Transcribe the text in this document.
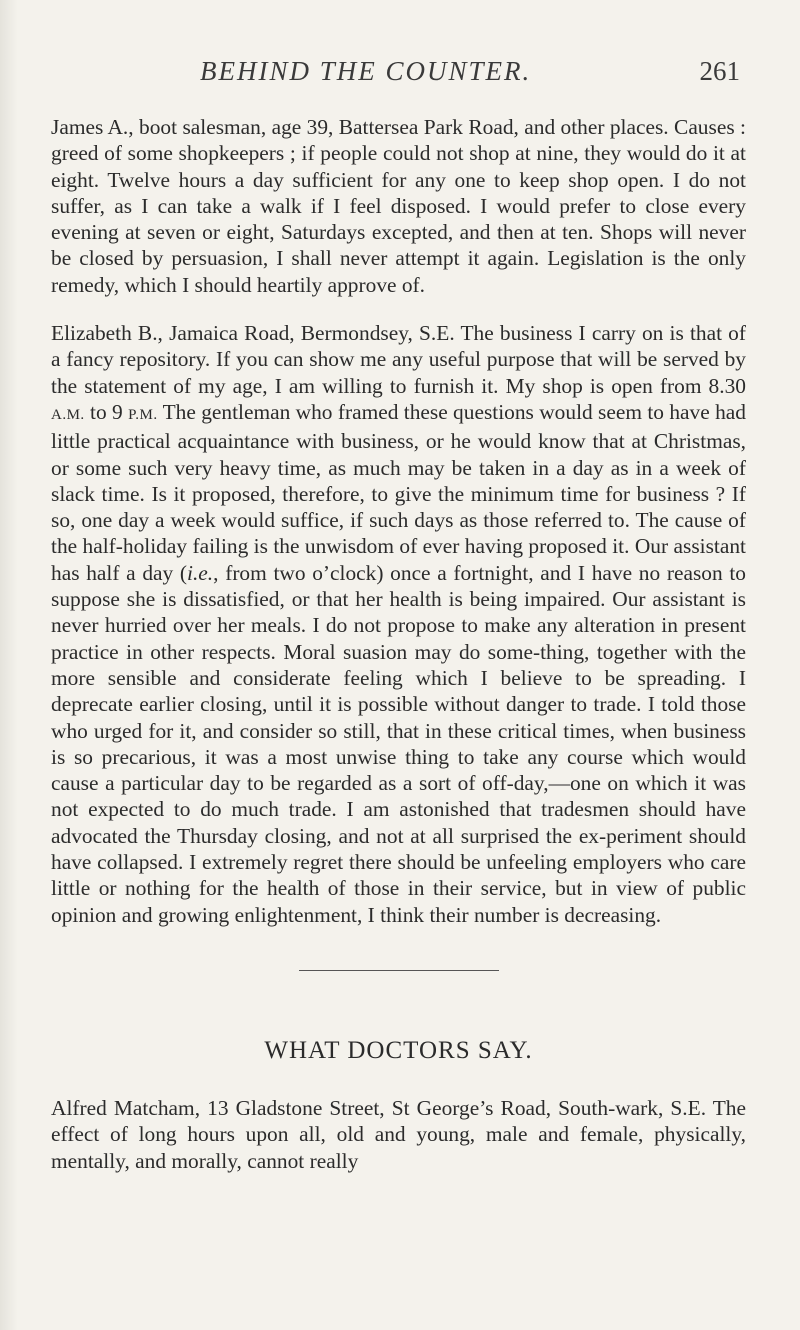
BEHIND THE COUNTER.	261

James A., boot salesman, age 39, Battersea Park Road, and other places. Causes : greed of some shopkeepers ; if people could not shop at nine, they would do it at eight. Twelve hours a day sufficient for any one to keep shop open. I do not suffer, as I can take a walk if I feel disposed. I would prefer to close every evening at seven or eight, Saturdays excepted, and then at ten. Shops will never be closed by persuasion, I shall never attempt it again. Legislation is the only remedy, which I should heartily approve of.

Elizabeth B., Jamaica Road, Bermondsey, S.E. The business I carry on is that of a fancy repository. If you can show me any useful purpose that will be served by the statement of my age, I am willing to furnish it. My shop is open from 8.30 A.M. to 9 P.M. The gentleman who framed these questions would seem to have had little practical acquaintance with business, or he would know that at Christmas, or some such very heavy time, as much may be taken in a day as in a week of slack time. Is it proposed, therefore, to give the minimum time for business ? If so, one day a week would suffice, if such days as those referred to. The cause of the half-holiday failing is the unwisdom of ever having proposed it. Our assistant has half a day (i.e., from two o’clock) once a fortnight, and I have no reason to suppose she is dissatisfied, or that her health is being impaired. Our assistant is never hurried over her meals. I do not propose to make any alteration in present practice in other respects. Moral suasion may do some-thing, together with the more sensible and considerate feeling which I believe to be spreading. I deprecate earlier closing, until it is possible without danger to trade. I told those who urged for it, and consider so still, that in these critical times, when business is so precarious, it was a most unwise thing to take any course which would cause a particular day to be regarded as a sort of off-day,—one on which it was not expected to do much trade. I am astonished that tradesmen should have advocated the Thursday closing, and not at all surprised the ex-periment should have collapsed. I extremely regret there should be unfeeling employers who care little or nothing for the health of those in their service, but in view of public opinion and growing enlightenment, I think their number is decreasing.

WHAT DOCTORS SAY.

Alfred Matcham, 13 Gladstone Street, St George’s Road, South-wark, S.E. The effect of long hours upon all, old and young, male and female, physically, mentally, and morally, cannot really
